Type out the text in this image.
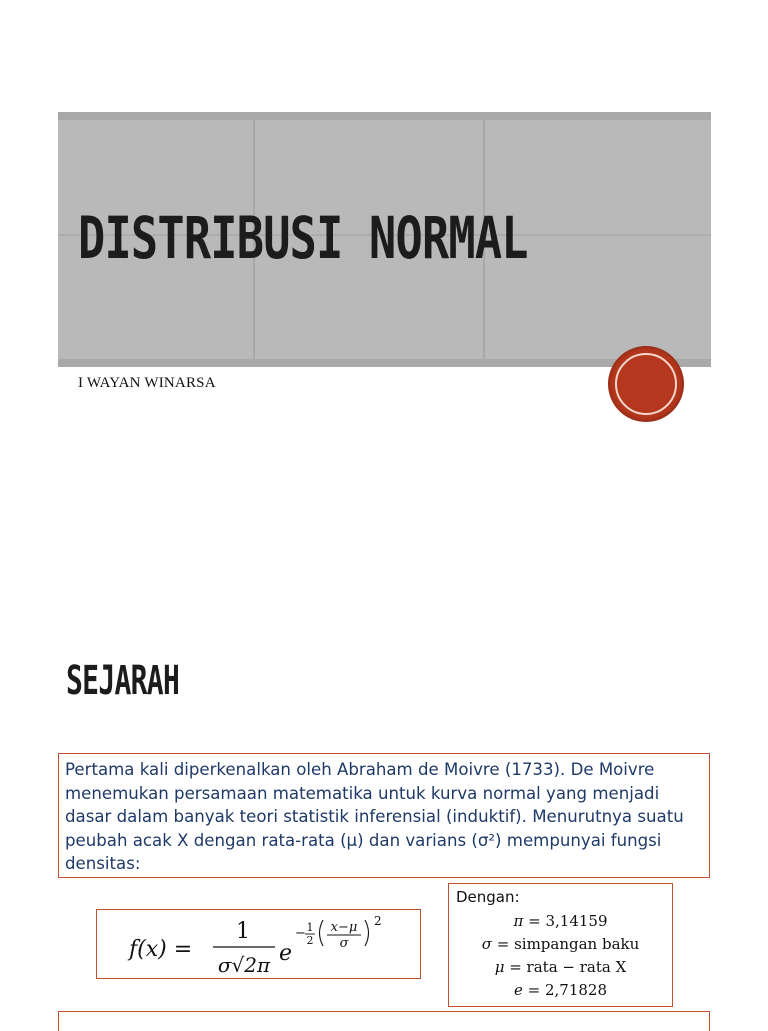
DISTRIBUSI NORMAL
I WAYAN WINARSA
SEJARAH

Pertama kali diperkenalkan oleh Abraham de Moivre (1733). De Moivre menemukan persamaan matematika untuk kurva normal yang menjadi dasar dalam banyak teori statistik inferensial (induktif). Menurutnya suatu peubah acak X dengan rata-rata (μ) dan varians (σ²) mempunyai fungsi densitas:

f(x) =
1
σ√2π e
− 1
2
x−μ
σ
2
Dengan:
π = 3,14159
σ = simpangan baku
μ = rata − rata X
e = 2,71828
